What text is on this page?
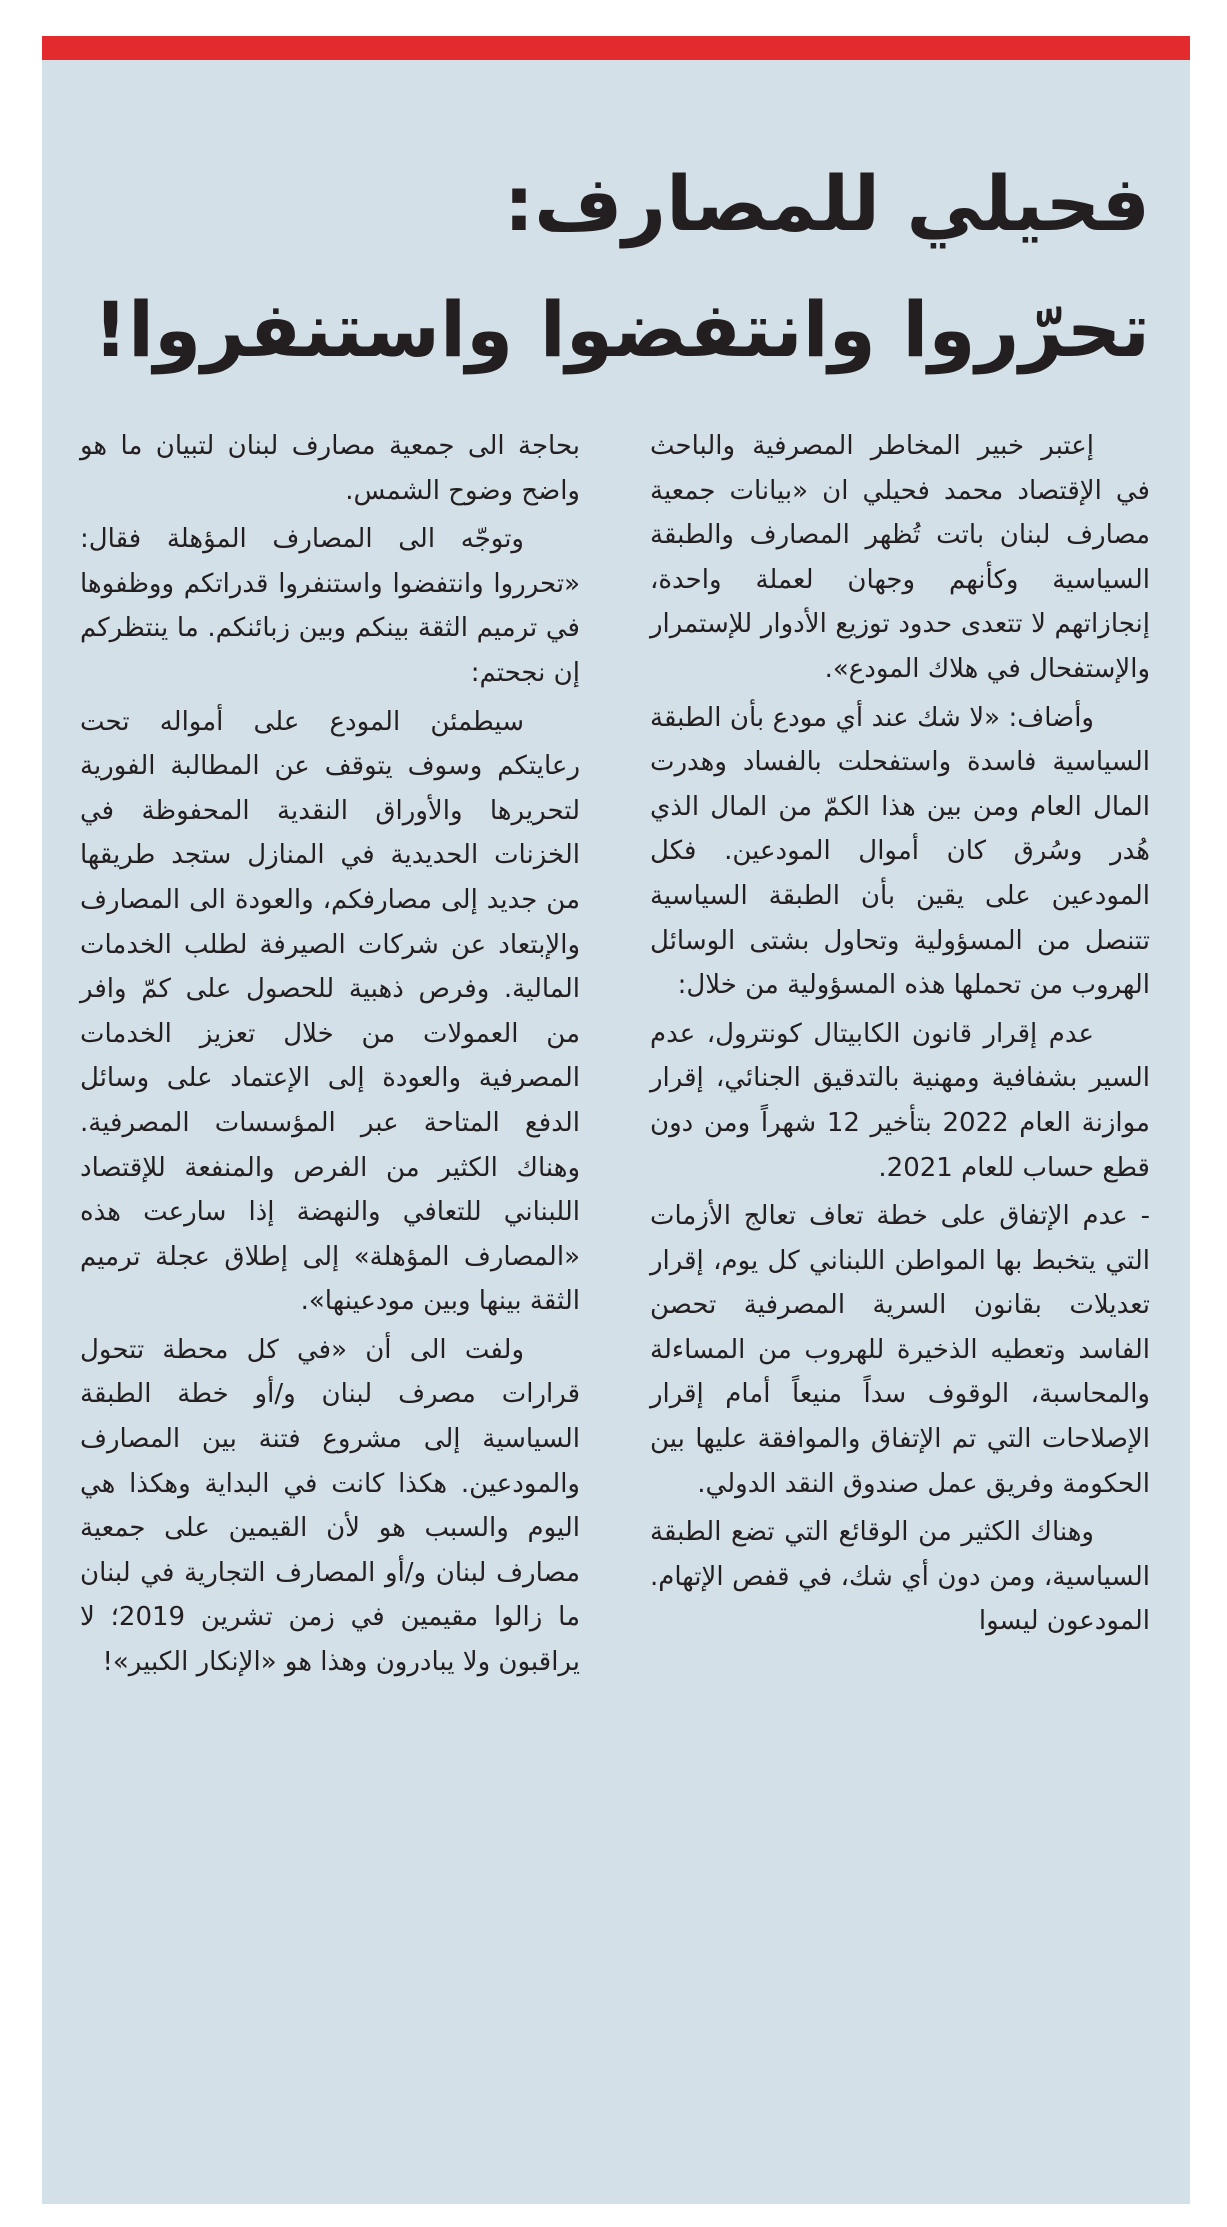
فحيلي للمصارف:
تحرّروا وانتفضوا واستنفروا!

إعتبر خبير المخاطر المصرفية والباحث في الإقتصاد محمد فحيلي ان «بيانات جمعية مصارف لبنان باتت تُظهر المصارف والطبقة السياسية وكأنهم وجهان لعملة واحدة، إنجازاتهم لا تتعدى حدود توزيع الأدوار للإستمرار والإستفحال في هلاك المودع».

وأضاف: «لا شك عند أي مودع بأن الطبقة السياسية فاسدة واستفحلت بالفساد وهدرت المال العام ومن بين هذا الكمّ من المال الذي هُدر وسُرق كان أموال المودعين. فكل المودعين على يقين بأن الطبقة السياسية تتنصل من المسؤولية وتحاول بشتى الوسائل الهروب من تحملها هذه المسؤولية من خلال:

عدم إقرار قانون الكابيتال كونترول، عدم السير بشفافية ومهنية بالتدقيق الجنائي، إقرار موازنة العام 2022 بتأخير 12 شهراً ومن دون قطع حساب للعام 2021.

- عدم الإتفاق على خطة تعاف تعالج الأزمات التي يتخبط بها المواطن اللبناني كل يوم، إقرار تعديلات بقانون السرية المصرفية تحصن الفاسد وتعطيه الذخيرة للهروب من المساءلة والمحاسبة، الوقوف سداً منيعاً أمام إقرار الإصلاحات التي تم الإتفاق والموافقة عليها بين الحكومة وفريق عمل صندوق النقد الدولي.

وهناك الكثير من الوقائع التي تضع الطبقة السياسية، ومن دون أي شك، في قفص الإتهام. المودعون ليسوا

بحاجة الى جمعية مصارف لبنان لتبيان ما هو واضح وضوح الشمس.

وتوجّه الى المصارف المؤهلة فقال: «تحرروا وانتفضوا واستنفروا قدراتكم ووظفوها في ترميم الثقة بينكم وبين زبائنكم. ما ينتظركم إن نجحتم:

سيطمئن المودع على أمواله تحت رعايتكم وسوف يتوقف عن المطالبة الفورية لتحريرها والأوراق النقدية المحفوظة في الخزنات الحديدية في المنازل ستجد طريقها من جديد إلى مصارفكم، والعودة الى المصارف والإبتعاد عن شركات الصيرفة لطلب الخدمات المالية. وفرص ذهبية للحصول على كمّ وافر من العمولات من خلال تعزيز الخدمات المصرفية والعودة إلى الإعتماد على وسائل الدفع المتاحة عبر المؤسسات المصرفية. وهناك الكثير من الفرص والمنفعة للإقتصاد اللبناني للتعافي والنهضة إذا سارعت هذه «المصارف المؤهلة» إلى إطلاق عجلة ترميم الثقة بينها وبين مودعينها».

ولفت الى أن «في كل محطة تتحول قرارات مصرف لبنان و/أو خطة الطبقة السياسية إلى مشروع فتنة بين المصارف والمودعين. هكذا كانت في البداية وهكذا هي اليوم والسبب هو لأن القيمين على جمعية مصارف لبنان و/أو المصارف التجارية في لبنان ما زالوا مقيمين في زمن تشرين 2019؛ لا يراقبون ولا يبادرون وهذا هو «الإنكار الكبير»!
